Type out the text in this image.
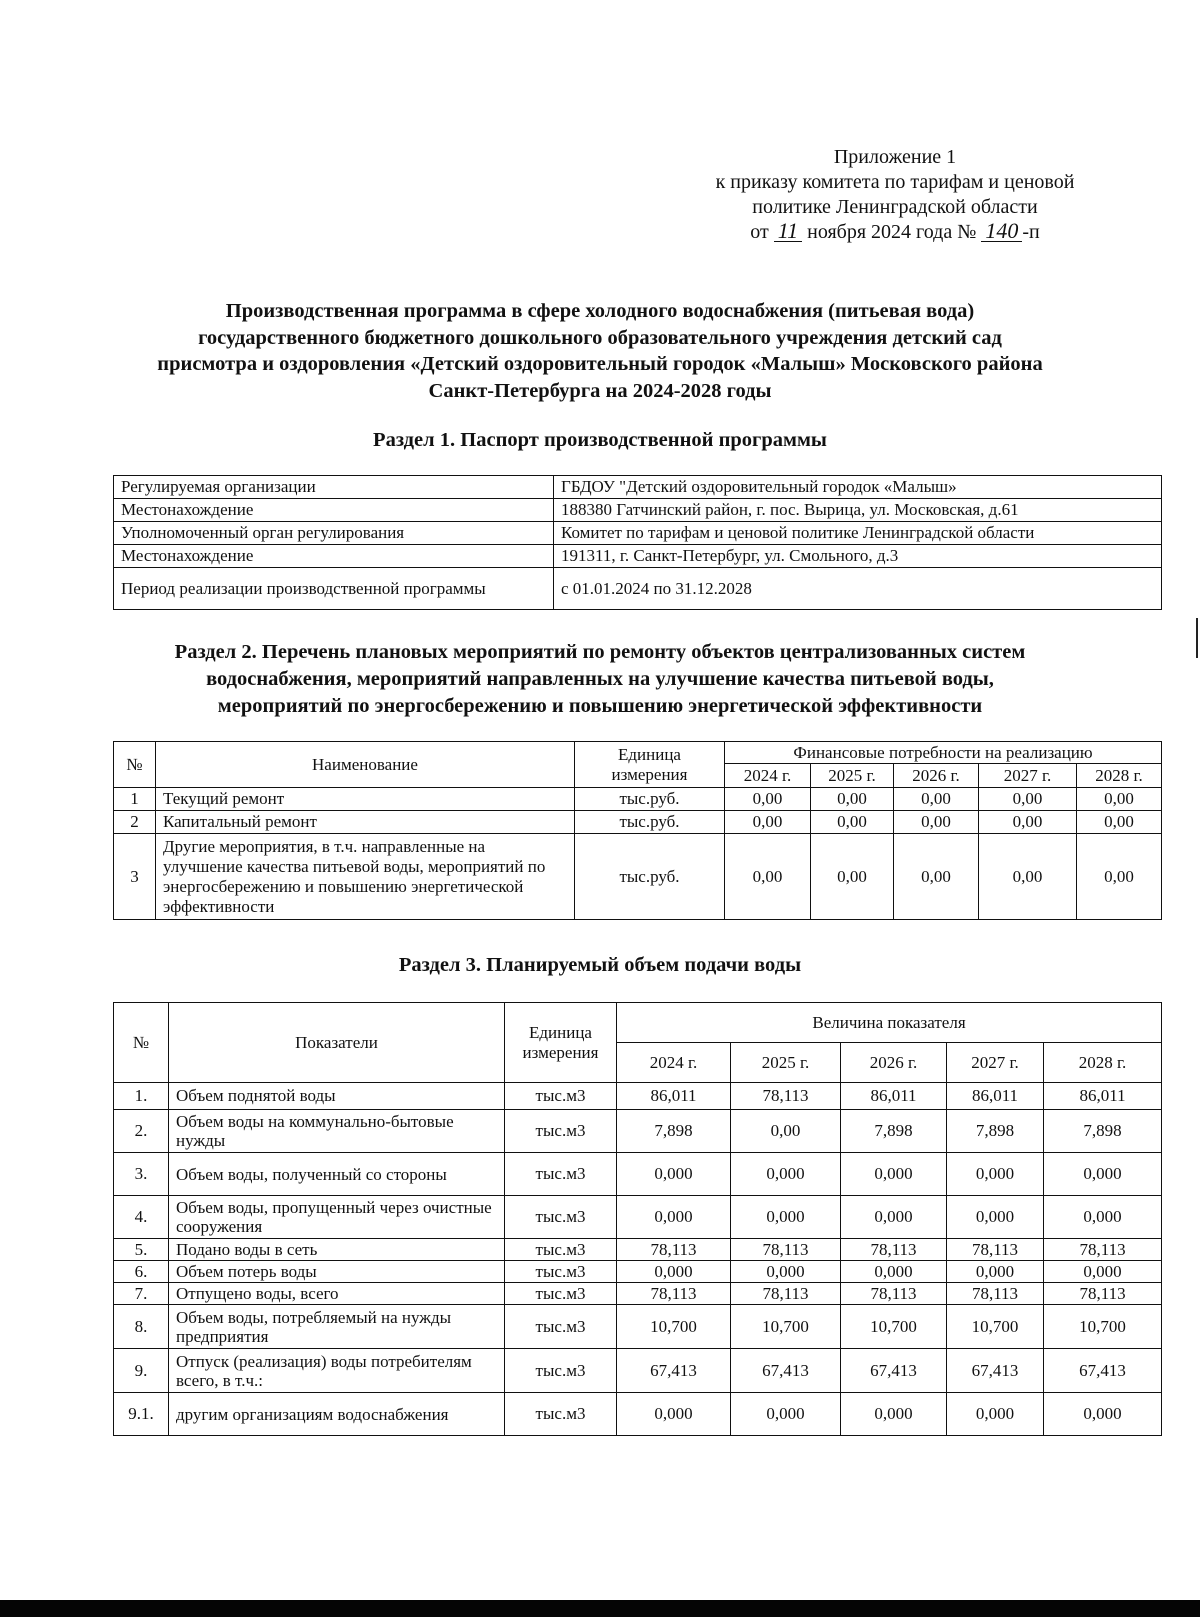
Приложение 1
к приказу комитета по тарифам и ценовой
политике Ленинградской области
от 11 ноября 2024 года № 140 -п
Производственная программа в сфере холодного водоснабжения (питьевая вода)
государственного бюджетного дошкольного образовательного учреждения детский сад
присмотра и оздоровления «Детский оздоровительный городок «Малыш» Московского района
Санкт-Петербурга на 2024-2028 годы
Раздел 1. Паспорт производственной программы
Регулируемая организации	ГБДОУ "Детский оздоровительный городок «Малыш»
Местонахождение	188380 Гатчинский район, г. пос. Вырица, ул. Московская, д.61
Уполномоченный орган регулирования	Комитет по тарифам и ценовой политике Ленинградской области
Местонахождение	191311, г. Санкт-Петербург, ул. Смольного, д.3
Период реализации производственной программы	с 01.01.2024 по 31.12.2028
Раздел 2. Перечень плановых мероприятий по ремонту объектов централизованных систем
водоснабжения, мероприятий направленных на улучшение качества питьевой воды,
мероприятий по энергосбережению и повышению энергетической эффективности
№	Наименование	Единица измерения	Финансовые потребности на реализацию				
			2024 г.	2025 г.	2026 г.	2027 г.	2028 г.
1	Текущий ремонт	тыс.руб.	0,00	0,00	0,00	0,00	0,00
2	Капитальный ремонт	тыс.руб.	0,00	0,00	0,00	0,00	0,00
3	Другие мероприятия, в т.ч. направленные на улучшение качества питьевой воды, мероприятий по энергосбережению и повышению энергетической эффективности	тыс.руб.	0,00	0,00	0,00	0,00	0,00
Раздел 3. Планируемый объем подачи воды
№	Показатели	Единица измерения	Величина показателя				
			2024 г.	2025 г.	2026 г.	2027 г.	2028 г.
1.	Объем поднятой воды	тыс.м3	86,011	78,113	86,011	86,011	86,011
2.	Объем воды на коммунально-бытовые нужды	тыс.м3	7,898	0,00	7,898	7,898	7,898
3.	Объем воды, полученный со стороны	тыс.м3	0,000	0,000	0,000	0,000	0,000
4.	Объем воды, пропущенный через очистные сооружения	тыс.м3	0,000	0,000	0,000	0,000	0,000
5.	Подано воды в сеть	тыс.м3	78,113	78,113	78,113	78,113	78,113
6.	Объем потерь воды	тыс.м3	0,000	0,000	0,000	0,000	0,000
7.	Отпущено воды, всего	тыс.м3	78,113	78,113	78,113	78,113	78,113
8.	Объем воды, потребляемый на нужды предприятия	тыс.м3	10,700	10,700	10,700	10,700	10,700
9.	Отпуск (реализация) воды потребителям всего, в т.ч.:	тыс.м3	67,413	67,413	67,413	67,413	67,413
9.1.	другим организациям водоснабжения	тыс.м3	0,000	0,000	0,000	0,000	0,000
